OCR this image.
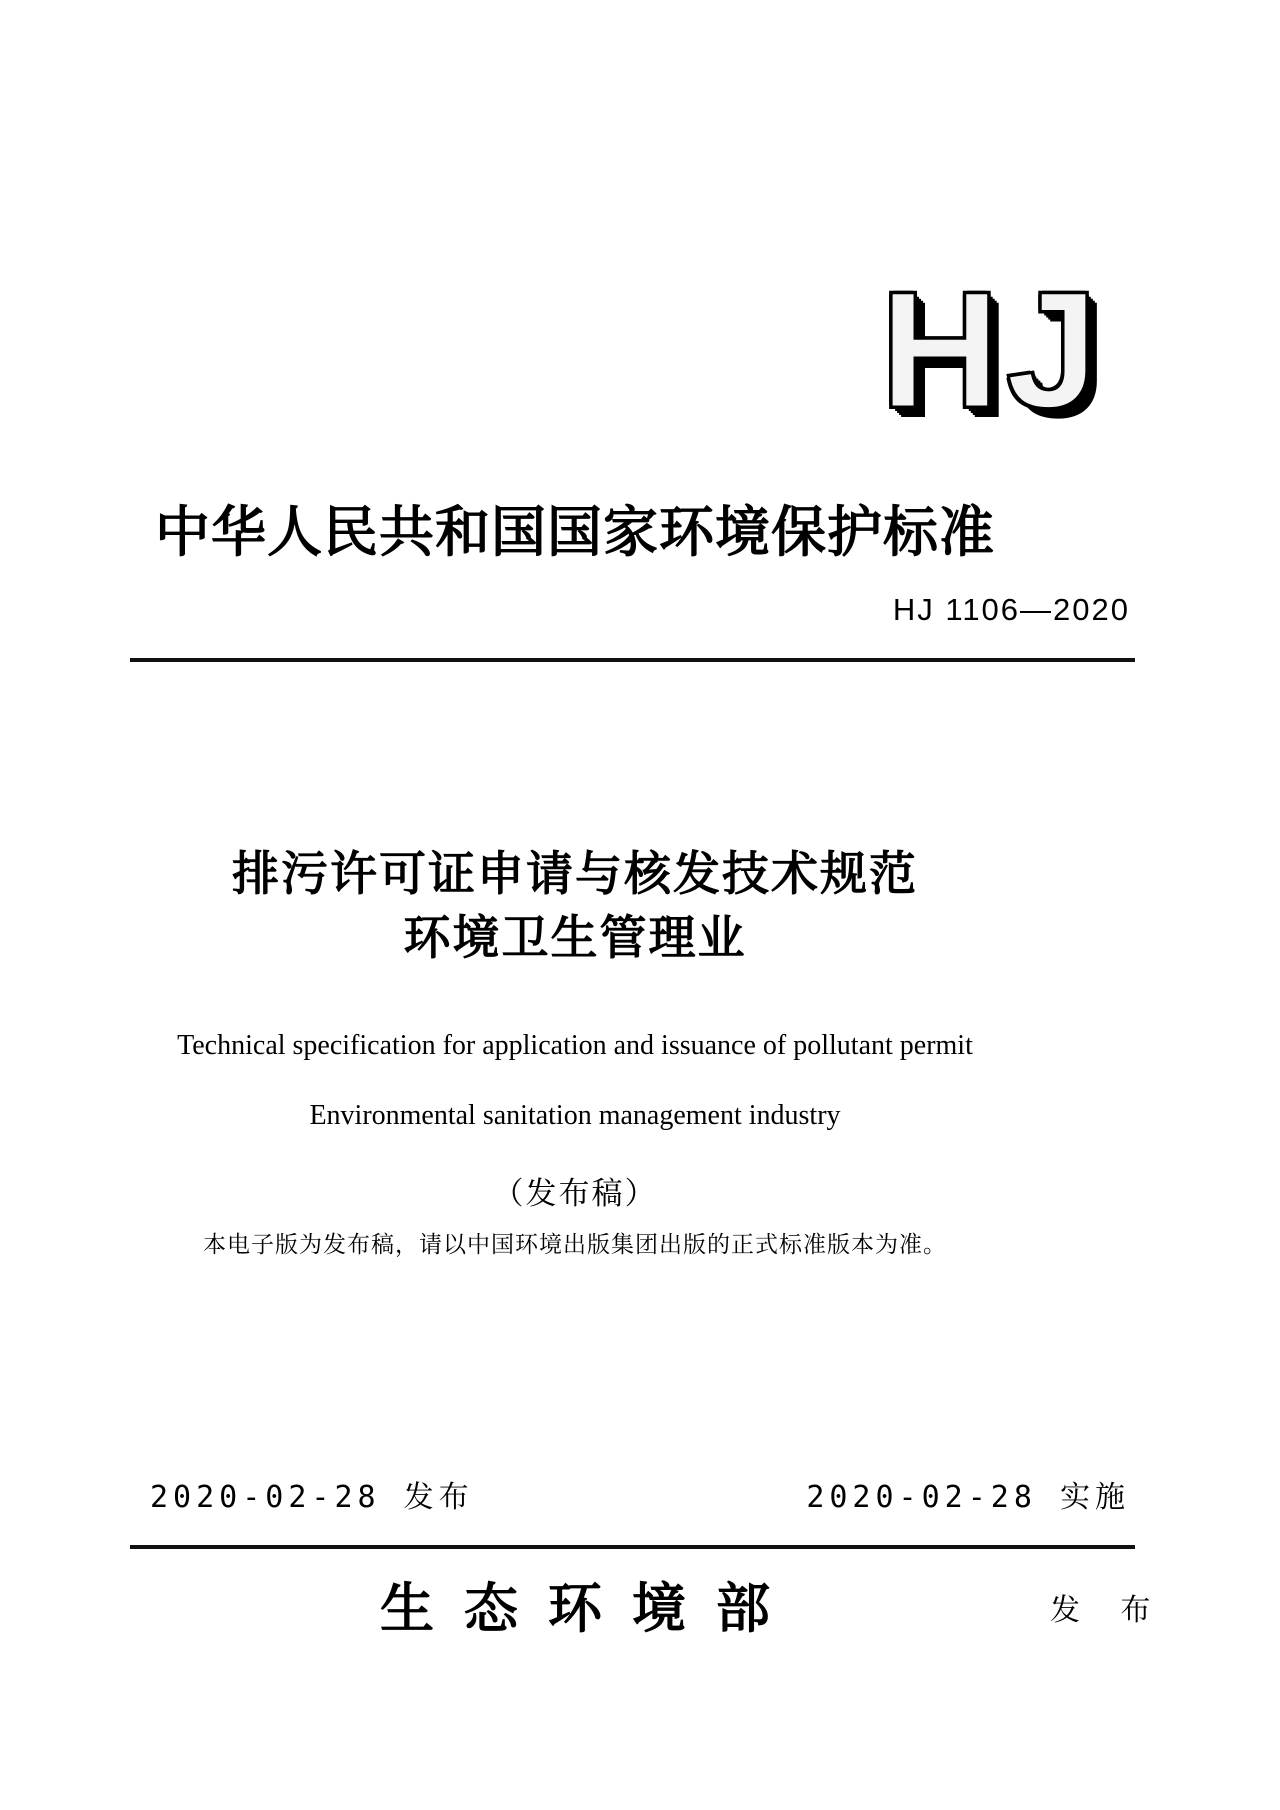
HJ
中华人民共和国国家环境保护标准
HJ 1106—2020
排污许可证申请与核发技术规范
环境卫生管理业
Technical specification for application and issuance of pollutant permit
Environmental sanitation management industry
（发布稿）
本电子版为发布稿，请以中国环境出版集团出版的正式标准版本为准。
2020-02-28 发布	2020-02-28 实施
生态环境部	发 布
